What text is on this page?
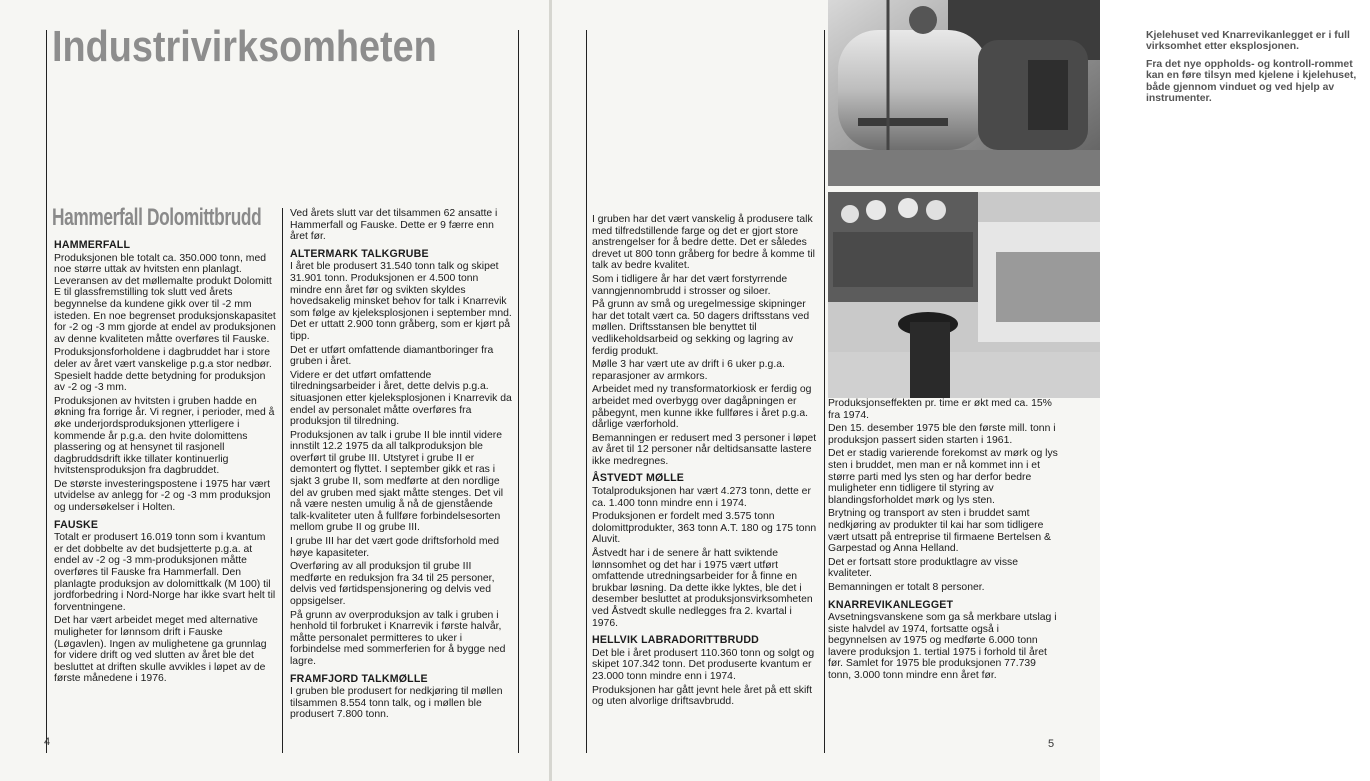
Industrivirksomheten
Hammerfall Dolomittbrudd
HAMMERFALL

Produksjonen ble totalt ca. 350.000 tonn, med noe større uttak av hvitsten enn planlagt. Leveransen av det møllemalte produkt Dolomitt E til glassfremstilling tok slutt ved årets begynnelse da kundene gikk over til -2 mm isteden. En noe begrenset produksjonskapasitet for -2 og -3 mm gjorde at endel av produksjonen av denne kvaliteten måtte overføres til Fauske.

Produksjonsforholdene i dagbruddet har i store deler av året vært vanskelige p.g.a stor nedbør. Spesielt hadde dette betydning for produksjon av -2 og -3 mm.

Produksjonen av hvitsten i gruben hadde en økning fra forrige år. Vi regner, i perioder, med å øke underjordsproduksjonen ytterligere i kommende år p.g.a. den hvite dolomittens plassering og at hensynet til rasjonell dagbruddsdrift ikke tillater kontinuerlig hvitstensproduksjon fra dagbruddet.

De største investeringspostene i 1975 har vært utvidelse av anlegg for -2 og -3 mm produksjon og undersøkelser i Holten.

FAUSKE

Totalt er produsert 16.019 tonn som i kvantum er det dobbelte av det budsjetterte p.g.a. at endel av -2 og -3 mm-produksjonen måtte overføres til Fauske fra Hammerfall. Den planlagte produksjon av dolomittkalk (M 100) til jordforbedring i Nord-Norge har ikke svart helt til forventningene.

Det har vært arbeidet meget med alternative muligheter for lønnsom drift i Fauske (Løgavlen). Ingen av mulighetene ga grunnlag for videre drift og ved slutten av året ble det besluttet at driften skulle avvikles i løpet av de første månedene i 1976.

Ved årets slutt var det tilsammen 62 ansatte i Hammerfall og Fauske. Dette er 9 færre enn året før.

ALTERMARK TALKGRUBE

I året ble produsert 31.540 tonn talk og skipet 31.901 tonn. Produksjonen er 4.500 tonn mindre enn året før og svikten skyldes hovedsakelig minsket behov for talk i Knarrevik som følge av kjeleksplosjonen i september mnd. Det er uttatt 2.900 tonn gråberg, som er kjørt på tipp.

Det er utført omfattende diamantboringer fra gruben i året.

Videre er det utført omfattende tilredningsarbeider i året, dette delvis p.g.a. situasjonen etter kjeleksplosjonen i Knarrevik da endel av personalet måtte overføres fra produksjon til tilredning.

Produksjonen av talk i grube II ble inntil videre innstilt 12.2 1975 da all talkproduksjon ble overført til grube III. Utstyret i grube II er demontert og flyttet. I september gikk et ras i sjakt 3 grube II, som medførte at den nordlige del av gruben med sjakt måtte stenges. Det vil nå være nesten umulig å nå de gjenstående talk-kvaliteter uten å fullføre forbindelsesorten mellom grube II og grube III.

I grube III har det vært gode driftsforhold med høye kapasiteter.

Overføring av all produksjon til grube III medførte en reduksjon fra 34 til 25 personer, delvis ved førtidspensjonering og delvis ved oppsigelser.

På grunn av overproduksjon av talk i gruben i henhold til forbruket i Knarrevik i første halvår, måtte personalet permitteres to uker i forbindelse med sommerferien for å bygge ned lagre.

FRAMFJORD TALKMØLLE

I gruben ble produsert for nedkjøring til møllen tilsammen 8.554 tonn talk, og i møllen ble produsert 7.800 tonn.

4

Kjelehuset ved Knarrevikanlegget er i full virksomhet etter eksplosjonen.

Fra det nye oppholds- og kontroll-rommet kan en føre tilsyn med kjelene i kjelehuset, både gjennom vinduet og ved hjelp av instrumenter.

I gruben har det vært vanskelig å produsere talk med tilfredstillende farge og det er gjort store anstrengelser for å bedre dette. Det er således drevet ut 800 tonn gråberg for bedre å komme til talk av bedre kvalitet.

Som i tidligere år har det vært forstyrrende vanngjennombrudd i strosser og siloer.

På grunn av små og uregelmessige skipninger har det totalt vært ca. 50 dagers driftsstans ved møllen. Driftsstansen ble benyttet til vedlikeholdsarbeid og sekking og lagring av ferdig produkt.

Mølle 3 har vært ute av drift i 6 uker p.g.a. reparasjoner av armkors.

Arbeidet med ny transformatorkiosk er ferdig og arbeidet med overbygg over dagåpningen er påbegynt, men kunne ikke fullføres i året p.g.a. dårlige værforhold.

Bemanningen er redusert med 3 personer i løpet av året til 12 personer når deltidsansatte lastere ikke medregnes.

ÅSTVEDT MØLLE

Totalproduksjonen har vært 4.273 tonn, dette er ca. 1.400 tonn mindre enn i 1974.

Produksjonen er fordelt med 3.575 tonn dolomittprodukter, 363 tonn A.T. 180 og 175 tonn Aluvit.

Åstvedt har i de senere år hatt sviktende lønnsomhet og det har i 1975 vært utført omfattende utredningsarbeider for å finne en brukbar løsning. Da dette ikke lyktes, ble det i desember besluttet at produksjonsvirksomheten ved Åstvedt skulle nedlegges fra 2. kvartal i 1976.

HELLVIK LABRADORITTBRUDD

Det ble i året produsert 110.360 tonn og solgt og skipet 107.342 tonn. Det produserte kvantum er 23.000 tonn mindre enn i 1974.

Produksjonen har gått jevnt hele året på ett skift og uten alvorlige driftsavbrudd.

Produksjonseffekten pr. time er økt med ca. 15% fra 1974.

Den 15. desember 1975 ble den første mill. tonn i produksjon passert siden starten i 1961.

Det er stadig varierende forekomst av mørk og lys sten i bruddet, men man er nå kommet inn i et større parti med lys sten og har derfor bedre muligheter enn tidligere til styring av blandingsforholdet mørk og lys sten.

Brytning og transport av sten i bruddet samt nedkjøring av produkter til kai har som tidligere vært utsatt på entreprise til firmaene Bertelsen & Garpestad og Anna Helland.

Det er fortsatt store produktlagre av visse kvaliteter.

Bemanningen er totalt 8 personer.

KNARREVIKANLEGGET

Avsetningsvanskene som ga så merkbare utslag i siste halvdel av 1974, fortsatte også i begynnelsen av 1975 og medførte 6.000 tonn lavere produksjon 1. tertial 1975 i forhold til året før. Samlet for 1975 ble produksjonen 77.739 tonn, 3.000 tonn mindre enn året før.

5
